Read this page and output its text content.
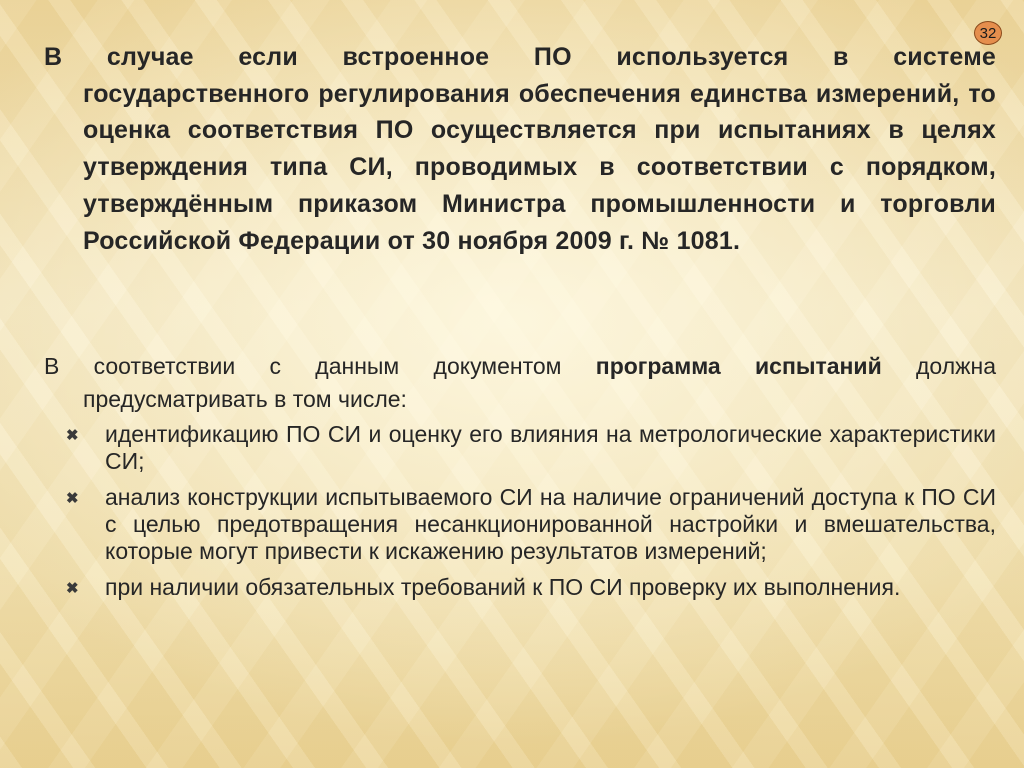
32
В случае если встроенное ПО используется в системе
государственного регулирования обеспечения единства измерений, то оценка соответствия ПО осуществляется при испытаниях в целях утверждения типа СИ, проводимых в соответствии с порядком, утверждённым приказом Министра промышленности и торговли Российской Федерации от 30 ноября 2009 г. № 1081.
В соответствии с данным документом программа испытаний должна
предусматривать в том числе:
✖ идентификацию ПО СИ и оценку его влияния на метрологические характеристики СИ;
✖ анализ конструкции испытываемого СИ на наличие ограничений доступа к ПО СИ с целью предотвращения несанкционированной настройки и вмешательства, которые могут привести к искажению результатов измерений;
✖ при наличии обязательных требований к ПО СИ проверку их выполнения.
